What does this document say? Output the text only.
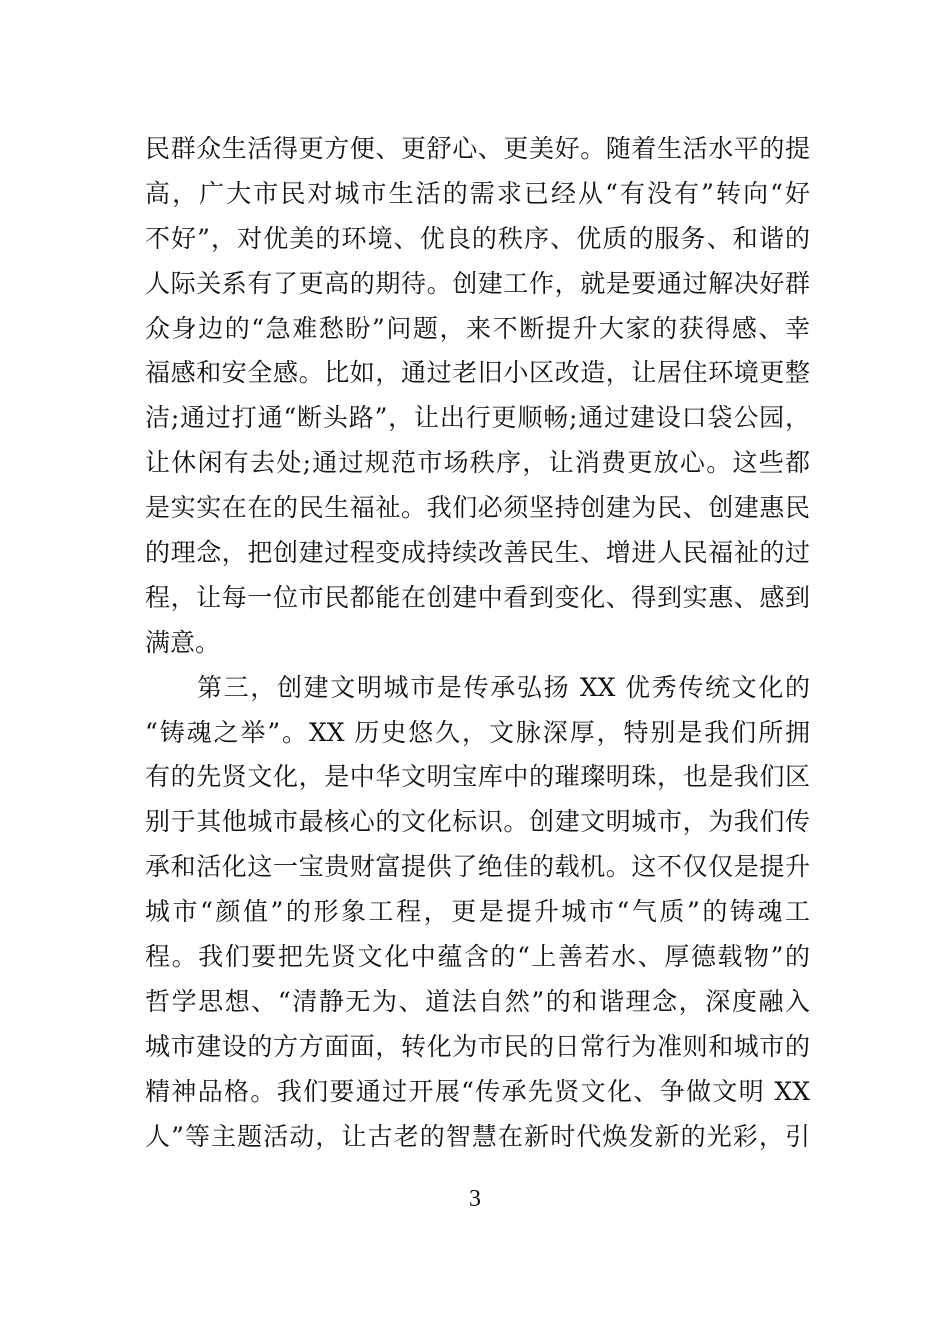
民群众生活得更方便、更舒心、更美好。随着生活水平的提
高，广大市民对城市生活的需求已经从“有没有”转向“好
不好”，对优美的环境、优良的秩序、优质的服务、和谐的
人际关系有了更高的期待。创建工作，就是要通过解决好群
众身边的“急难愁盼”问题，来不断提升大家的获得感、幸
福感和安全感。比如，通过老旧小区改造，让居住环境更整
洁;通过打通“断头路”，让出行更顺畅;通过建设口袋公园，
让休闲有去处;通过规范市场秩序，让消费更放心。这些都
是实实在在的民生福祉。我们必须坚持创建为民、创建惠民
的理念，把创建过程变成持续改善民生、增进人民福祉的过
程，让每一位市民都能在创建中看到变化、得到实惠、感到
满意。
第三，创建文明城市是传承弘扬 XX 优秀传统文化的
“铸魂之举”。XX 历史悠久，文脉深厚，特别是我们所拥
有的先贤文化，是中华文明宝库中的璀璨明珠，也是我们区
别于其他城市最核心的文化标识。创建文明城市，为我们传
承和活化这一宝贵财富提供了绝佳的载机。这不仅仅是提升
城市“颜值”的形象工程，更是提升城市“气质”的铸魂工
程。我们要把先贤文化中蕴含的“上善若水、厚德载物”的
哲学思想、“清静无为、道法自然”的和谐理念，深度融入
城市建设的方方面面，转化为市民的日常行为准则和城市的
精神品格。我们要通过开展“传承先贤文化、争做文明 XX
人”等主题活动，让古老的智慧在新时代焕发新的光彩，引
3
